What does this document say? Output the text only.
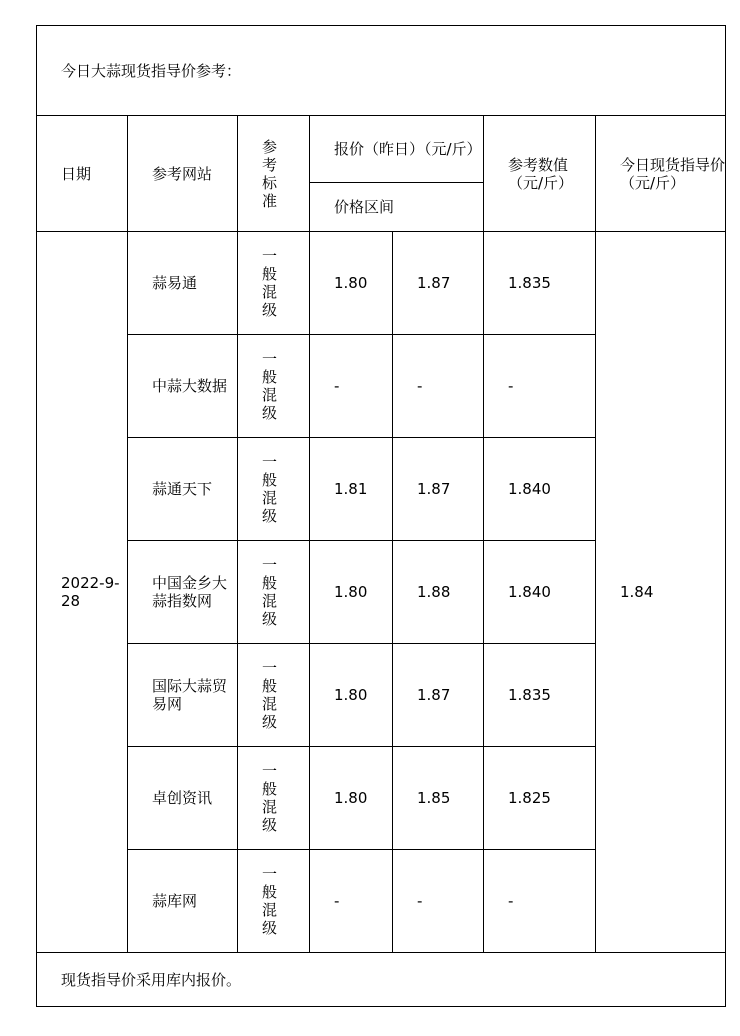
今日大蒜现货指导价参考：						
日期	参考网站	参考标准	报价（昨日）（元/斤）		参考数值（元/斤）	今日现货指导价（元/斤）
			价格区间			
2022-9-28	蒜易通	一般混级	1.80	1.87	1.835	1.84
	中蒜大数据	一般混级	-	-	-	
	蒜通天下	一般混级	1.81	1.87	1.840	
	中国金乡大蒜指数网	一般混级	1.80	1.88	1.840	
	国际大蒜贸易网	一般混级	1.80	1.87	1.835	
	卓创资讯	一般混级	1.80	1.85	1.825	
	蒜库网	一般混级	-	-	-	
现货指导价采用库内报价。						
